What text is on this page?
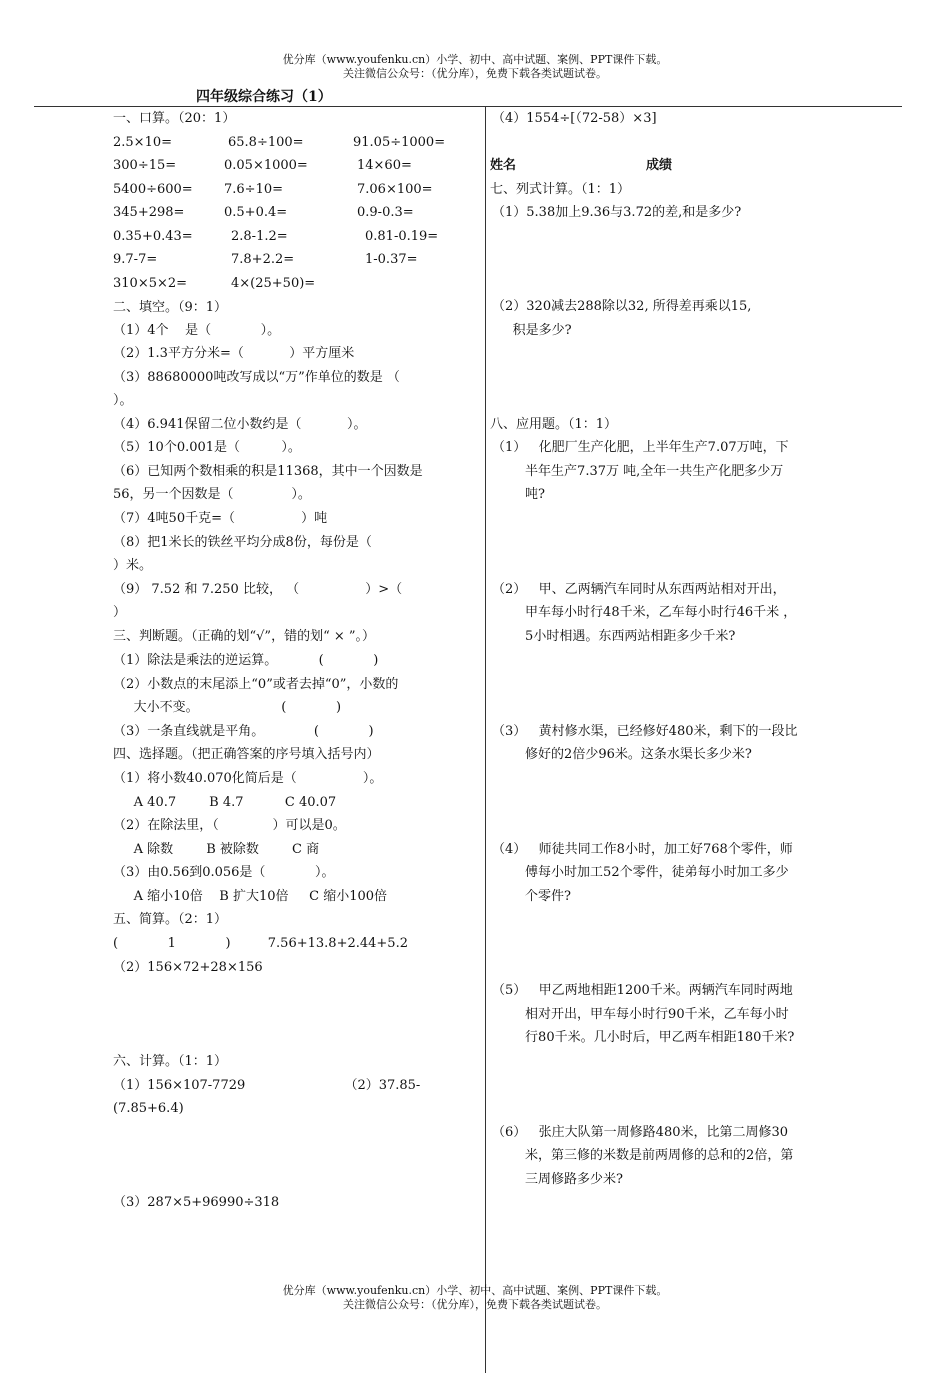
优分库（www.youfenku.cn）小学、初中、高中试题、案例、PPT课件下载。
关注微信公众号：（优分库），免费下载各类试题试卷。
四年级综合练习（1）
一、口算。（20：1）
2.5×10=	65.8÷100=	91.05÷1000=
300÷15=	0.05×1000=	14×60=
5400÷600= 7.6÷10=	7.06×100=
345+298=	0.5+0.4=	0.9-0.3=
0.35+0.43=	2.8-1.2=	0.81-0.19=
9.7-7=	7.8+2.2=	1-0.37=
310×5×2=	4×(25+50)=
二、填空。（9：1）
（1）4个    是（            ）。
（2）1.3平方分米=（           ）平方厘米
（3）88680000吨改写成以“万”作单位的数是 （
）。
（4）6.941保留二位小数约是（           ）。
（5）10个0.001是（          ）。
（6）已知两个数相乘的积是11368，其中一个因数是
56，另一个因数是（              ）。
（7）4吨50千克=（                ）吨
（8）把1米长的铁丝平均分成8份，每份是（
）米。
（9） 7.52 和 7.250 比较， （                ）>（
）
三、判断题。（正确的划“√”，错的划“ × ”。）
（1）除法是乘法的逆运算。          (            )
（2）小数点的末尾添上“0”或者去掉“0”，小数的
大小不变。                    (            )
（3）一条直线就是平角。            (            )
四、选择题。（把正确答案的序号填入括号内）
（1）将小数40.070化简后是（                ）。
A 40.7        B 4.7          C 40.07
（2）在除法里，（             ）可以是0。
A 除数        B 被除数        C 商
（3）由0.56到0.056是（            ）。
A 缩小10倍    B 扩大10倍     C 缩小100倍
五、简算。（2：1）
(            1            )         7.56+13.8+2.44+5.2
（2）156×72+28×156
六、计算。（1：1）
（1）156×107-7729                        （2）37.85-
(7.85+6.4)
（3）287×5+96990÷318
（4）1554÷[（72-58）×3]
姓名	成绩
七、列式计算。（1：1）
（1）5.38加上9.36与3.72的差,和是多少?
（2）320减去288除以32, 所得差再乘以15,
积是多少?
八、应用题。（1：1）
（1）   化肥厂生产化肥，上半年生产7.07万吨，下
半年生产7.37万 吨,全年一共生产化肥多少万
吨?
（2）   甲、乙两辆汽车同时从东西两站相对开出，
甲车每小时行48千米，乙车每小时行46千米 ，
5小时相遇。东西两站相距多少千米?
（3）   黄村修水渠，已经修好480米，剩下的一段比
修好的2倍少96米。这条水渠长多少米?
（4）   师徒共同工作8小时，加工好768个零件，师
傅每小时加工52个零件，徒弟每小时加工多少
个零件?
（5）   甲乙两地相距1200千米。两辆汽车同时两地
相对开出，甲车每小时行90千米，乙车每小时
行80千米。几小时后，甲乙两车相距180千米?
（6）   张庄大队第一周修路480米，比第二周修30
米，第三修的米数是前两周修的总和的2倍，第
三周修路多少米?
优分库（www.youfenku.cn）小学、初中、高中试题、案例、PPT课件下载。
关注微信公众号：（优分库），免费下载各类试题试卷。
